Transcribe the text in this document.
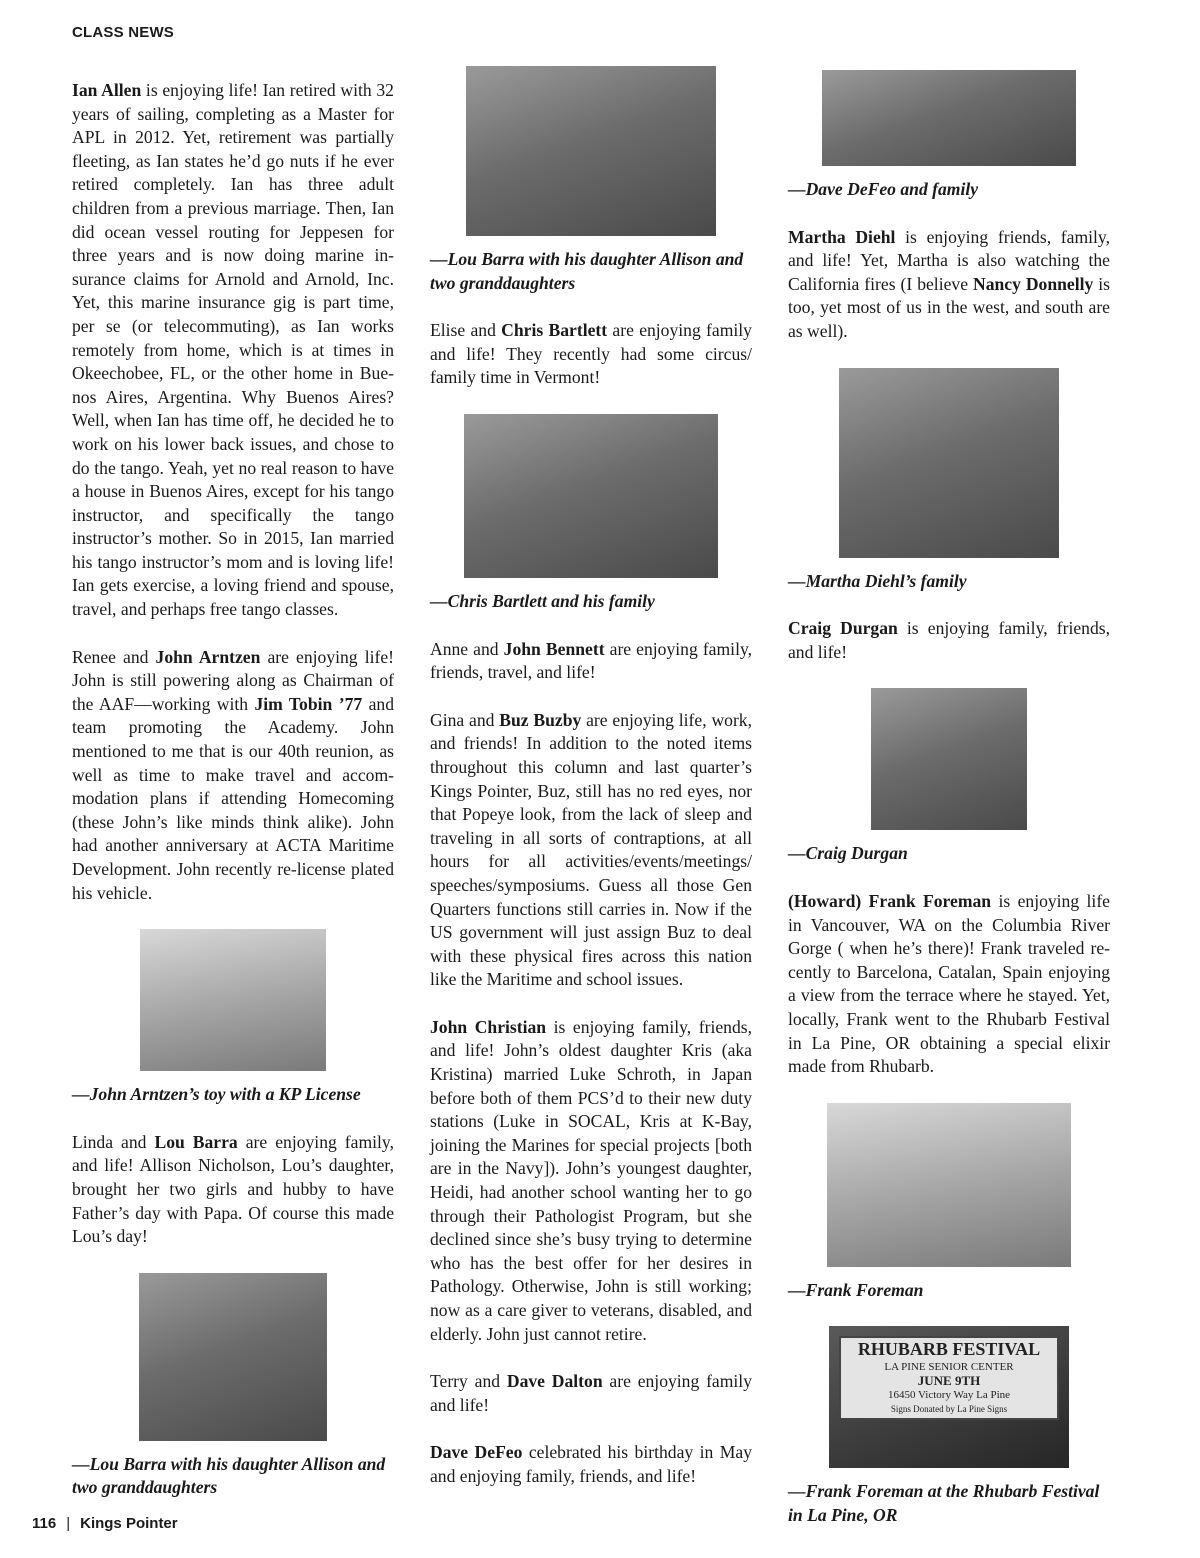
CLASS NEWS

Ian Allen is enjoying life! Ian retired with 32 years of sailing, completing as a Master for APL in 2012. Yet, retirement was partially fleeting, as Ian states he’d go nuts if he ever retired completely. Ian has three adult children from a previous marriage. Then, Ian did ocean vessel routing for Jeppesen for three years and is now doing marine insurance claims for Arnold and Arnold, Inc. Yet, this marine insurance gig is part time, per se (or telecommuting), as Ian works remotely from home, which is at times in Okeechobee, FL, or the other home in Buenos Aires, Argentina. Why Buenos Aires? Well, when Ian has time off, he decided he to work on his lower back issues, and chose to do the tango. Yeah, yet no real reason to have a house in Buenos Aires, except for his tango instructor, and specifically the tango instructor’s mother. So in 2015, Ian married his tango instructor’s mom and is loving life! Ian gets exercise, a loving friend and spouse, travel, and perhaps free tango classes.

Renee and John Arntzen are enjoying life! John is still powering along as Chairman of the AAF—working with Jim Tobin ’77 and team promoting the Academy. John mentioned to me that is our 40th reunion, as well as time to make travel and accommodation plans if attending Homecoming (these John’s like minds think alike). John had another anniversary at ACTA Maritime Development. John recently re-license plated his vehicle.

—John Arntzen’s toy with a KP License

Linda and Lou Barra are enjoying family, and life! Allison Nicholson, Lou’s daughter, brought her two girls and hubby to have Father’s day with Papa. Of course this made Lou’s day!

—Lou Barra with his daughter Allison and two granddaughters
—Lou Barra with his daughter Allison and two granddaughters

Elise and Chris Bartlett are enjoying family and life! They recently had some circus/ family time in Vermont!

—Chris Bartlett and his family

Anne and John Bennett are enjoying family, friends, travel, and life!

Gina and Buz Buzby are enjoying life, work, and friends! In addition to the noted items throughout this column and last quarter’s Kings Pointer, Buz, still has no red eyes, nor that Popeye look, from the lack of sleep and traveling in all sorts of contraptions, at all hours for all activities/events/meetings/ speeches/symposiums. Guess all those Gen Quarters functions still carries in. Now if the US government will just assign Buz to deal with these physical fires across this nation like the Maritime and school issues.

John Christian is enjoying family, friends, and life! John’s oldest daughter Kris (aka Kristina) married Luke Schroth, in Japan before both of them PCS’d to their new duty stations (Luke in SOCAL, Kris at K-Bay, joining the Marines for special projects [both are in the Navy]). John’s youngest daughter, Heidi, had another school wanting her to go through their Pathologist Program, but she declined since she’s busy trying to determine who has the best offer for her desires in Pathology. Otherwise, John is still working; now as a care giver to veterans, disabled, and elderly. John just cannot retire.

Terry and Dave Dalton are enjoying family and life!

Dave DeFeo celebrated his birthday in May and enjoying family, friends, and life!

—Dave DeFeo and family

Martha Diehl is enjoying friends, family, and life! Yet, Martha is also watching the California fires (I believe Nancy Donnelly is too, yet most of us in the west, and south are as well).

—Martha Diehl’s family

Craig Durgan is enjoying family, friends, and life!

—Craig Durgan

(Howard) Frank Foreman is enjoying life in Vancouver, WA on the Columbia River Gorge ( when he’s there)! Frank traveled recently to Barcelona, Catalan, Spain enjoying a view from the terrace where he stayed. Yet, locally, Frank went to the Rhubarb Festival in La Pine, OR obtaining a special elixir made from Rhubarb.

—Frank Foreman
RHUBARB FESTIVAL
LA PINE SENIOR CENTER
JUNE 9TH
16450 Victory Way La Pine
Signs Donated by La Pine Signs
—Frank Foreman at the Rhubarb Festival in La Pine, OR
116 | Kings Pointer
